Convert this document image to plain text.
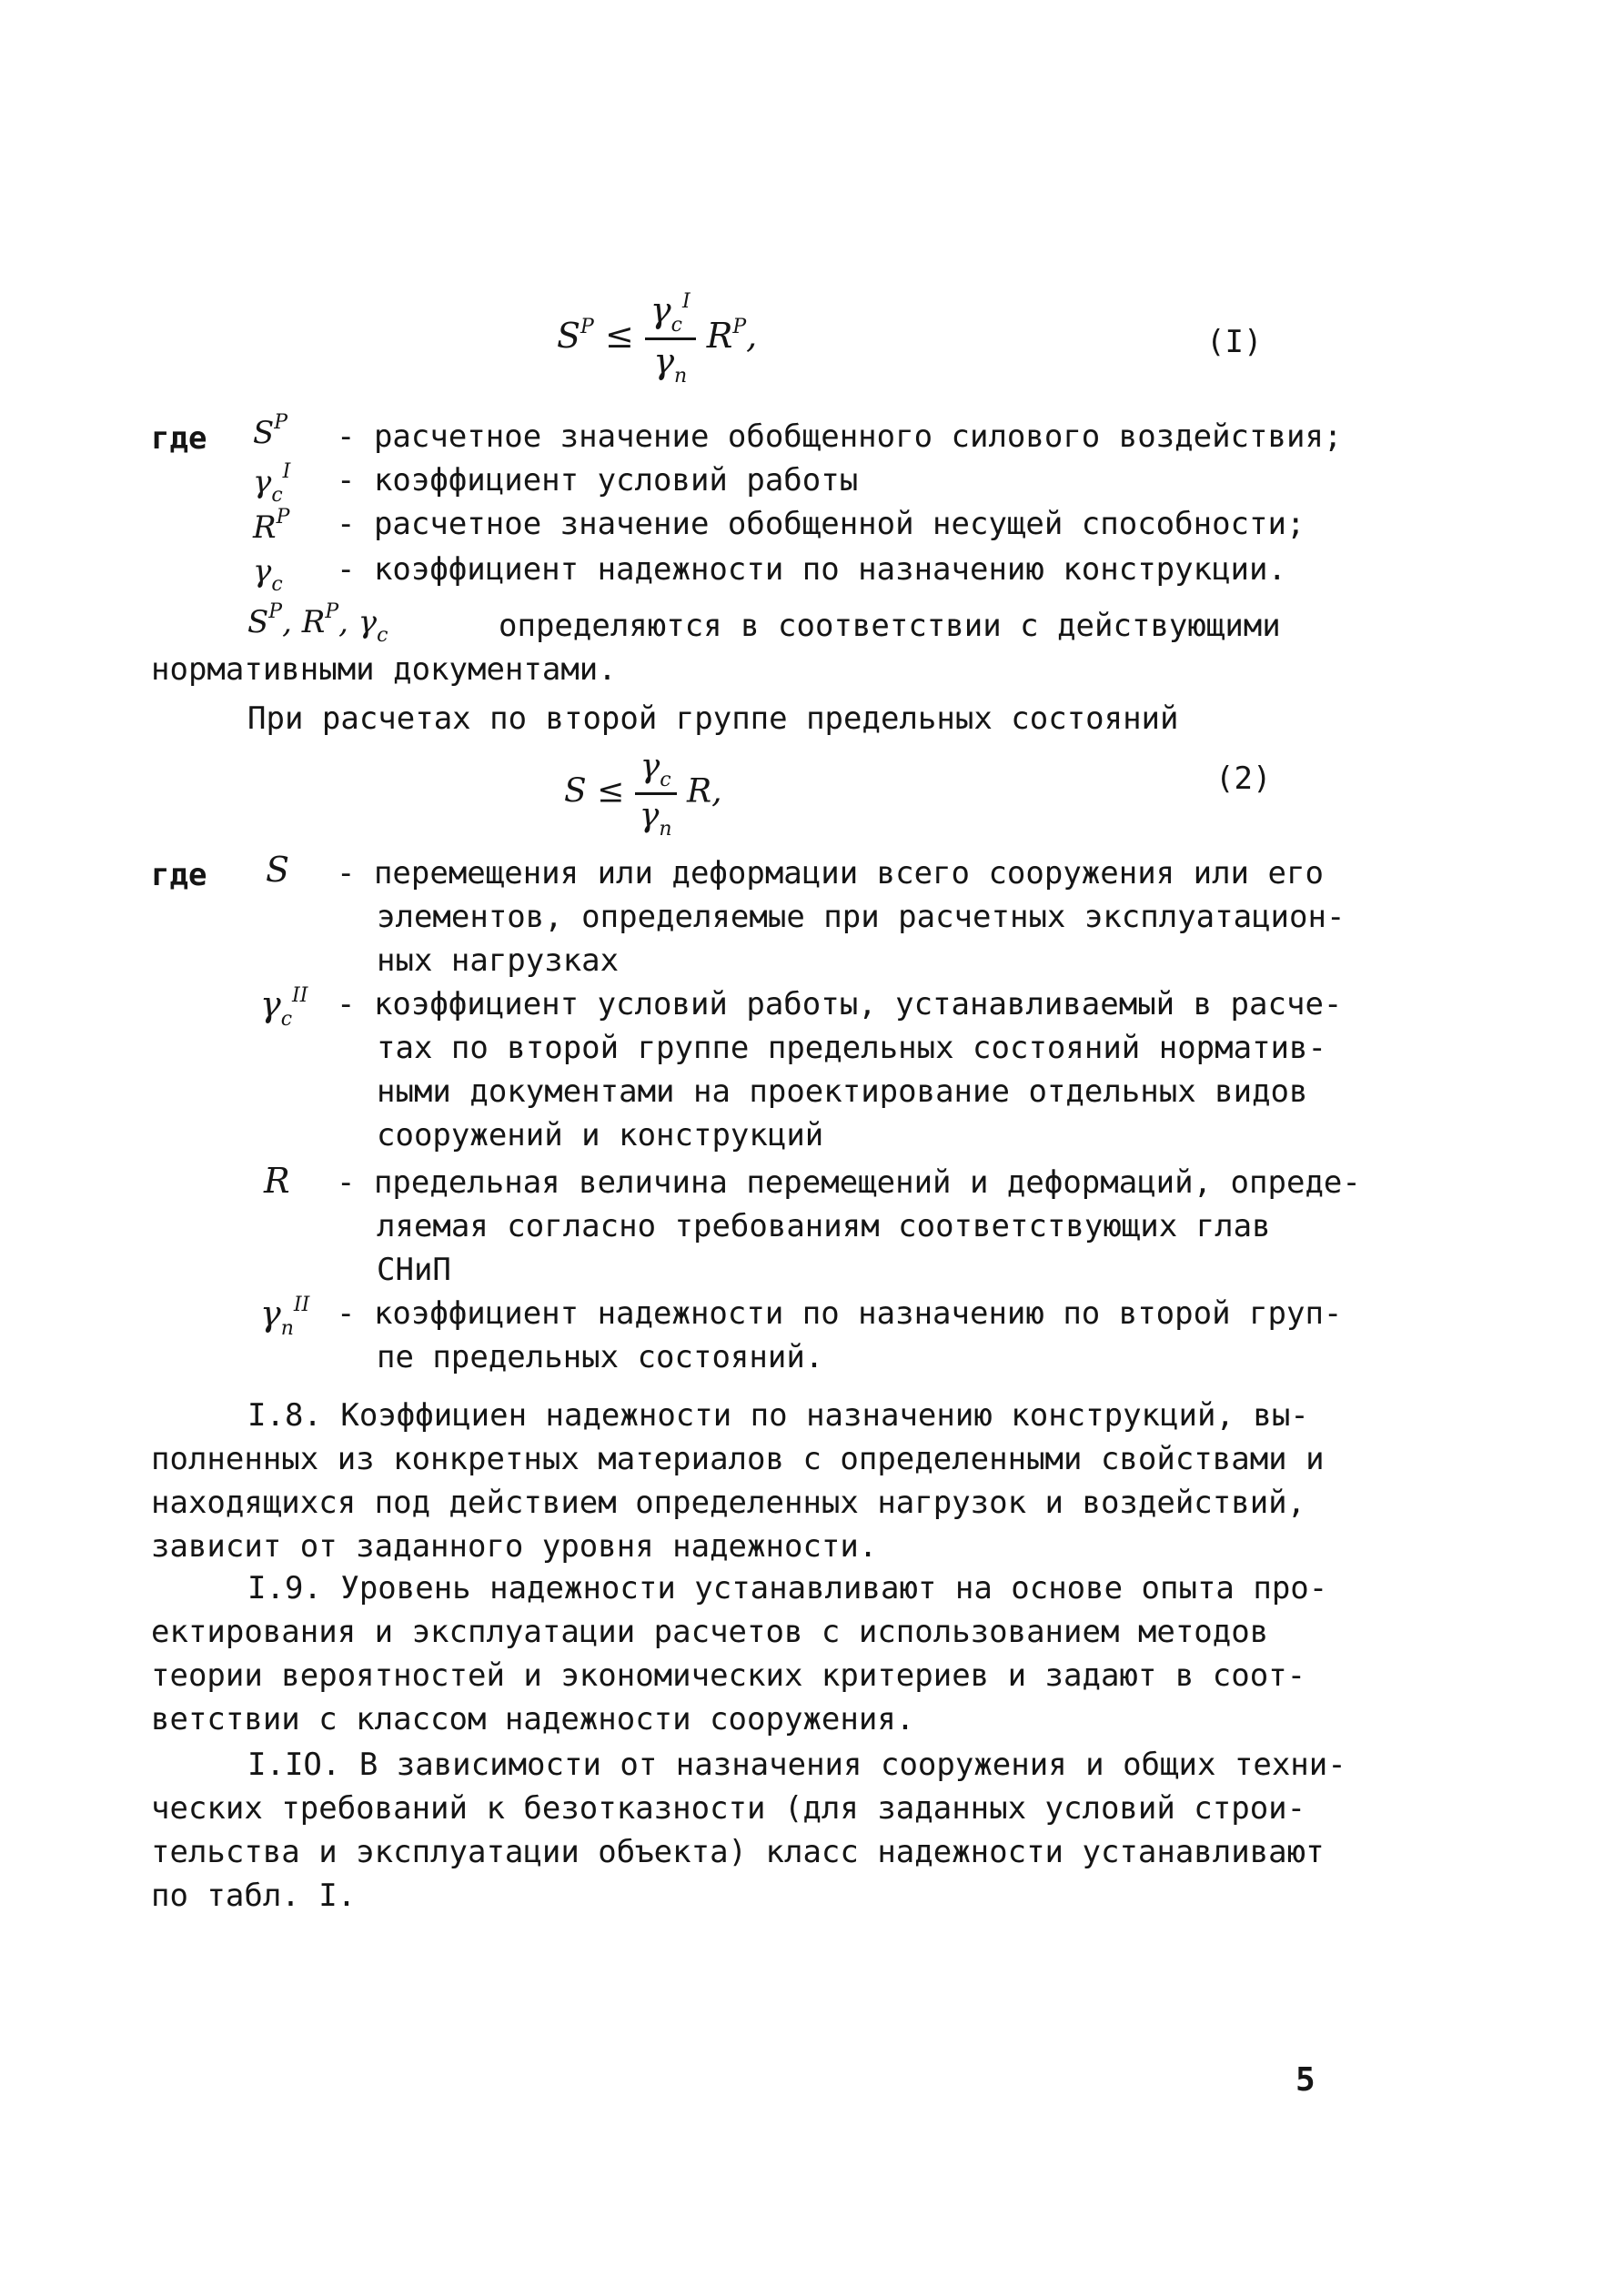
$S^P \le \frac{\gamma_c^I}{\gamma_n} R^P$,	(I)
где $S^P$ - расчетное значение обобщенного силового воздействия;
$\gamma_c^I$ - коэффициент условий работы
$R^P$ - расчетное значение обобщенной несущей способности;
$\gamma_c$ - коэффициент надежности по назначению конструкции.
$S^P$, $R^P$, $\gamma_c$	определяются в соответствии с действующими
нормативными документами.
При расчетах по второй группе предельных состояний
$S \le \frac{\gamma_c}{\gamma_n} R$,	(2)
где S - перемещения или деформации всего сооружения или его
элементов, определяемые при расчетных эксплуатацион-
ных нагрузках
$\gamma_c^{II}$ - коэффициент условий работы, устанавливаемый в расче-
тах по второй группе предельных состояний норматив-
ными документами на проектирование отдельных видов
сооружений и конструкций
R - предельная величина перемещений и деформаций, опреде-
ляемая согласно требованиям соответствующих глав
СНиП
$\gamma_n^{II}$ - коэффициент надежности по назначению по второй груп-
пе предельных состояний.
I.8. Коэффициен надежности по назначению конструкций, вы-
полненных из конкретных материалов с определенными свойствами и
находящихся под действием определенных нагрузок и воздействий,
зависит от заданного уровня надежности.
I.9. Уровень надежности устанавливают на основе опыта про-
ектирования и эксплуатации расчетов с использованием методов
теории вероятностей и экономических критериев и задают в соот-
ветствии с классом надежности сооружения.
I.IO. В зависимости от назначения сооружения и общих техни-
ческих требований к безотказности (для заданных условий строи-
тельства и эксплуатации объекта) класс надежности устанавливают
по табл. I.
5
